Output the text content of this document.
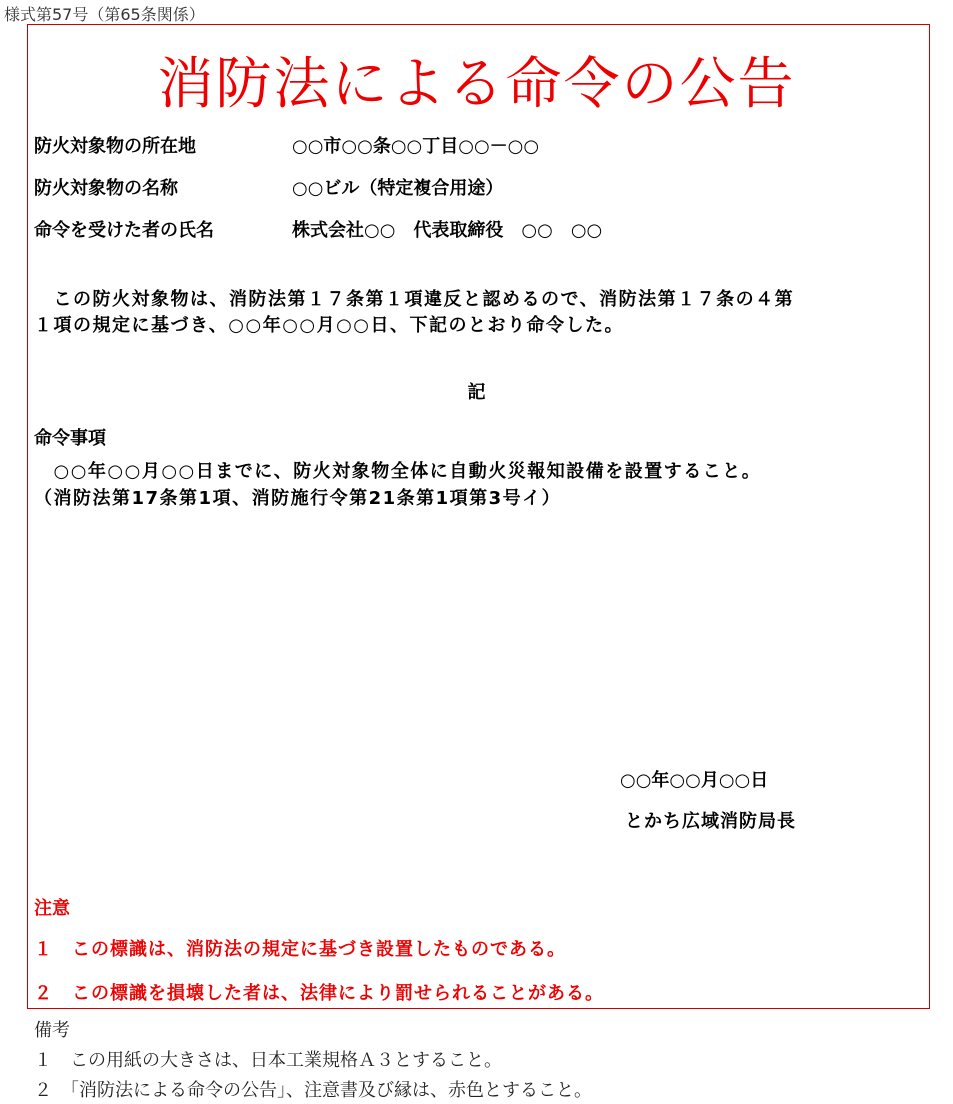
様式第57号（第65条関係）
消防法による命令の公告
防火対象物の所在地	○○市○○条○○丁目○○－○○
防火対象物の名称	○○ビル（特定複合用途）
命令を受けた者の氏名	株式会社○○　代表取締役　○○　○○
　この防火対象物は、消防法第１７条第１項違反と認めるので、消防法第１７条の４第
１項の規定に基づき、○○年○○月○○日、下記のとおり命令した。
記
命令事項
　○○年○○月○○日までに、防火対象物全体に自動火災報知設備を設置すること。
（消防法第17条第1項、消防施行令第21条第1項第3号イ）
○○年○○月○○日
とかち広域消防局長
注意
１　この標識は、消防法の規定に基づき設置したものである。
２　この標識を損壊した者は、法律により罰せられることがある。
備考
１　この用紙の大きさは、日本工業規格Ａ３とすること。
２　「消防法による命令の公告」、注意書及び縁は、赤色とすること。
